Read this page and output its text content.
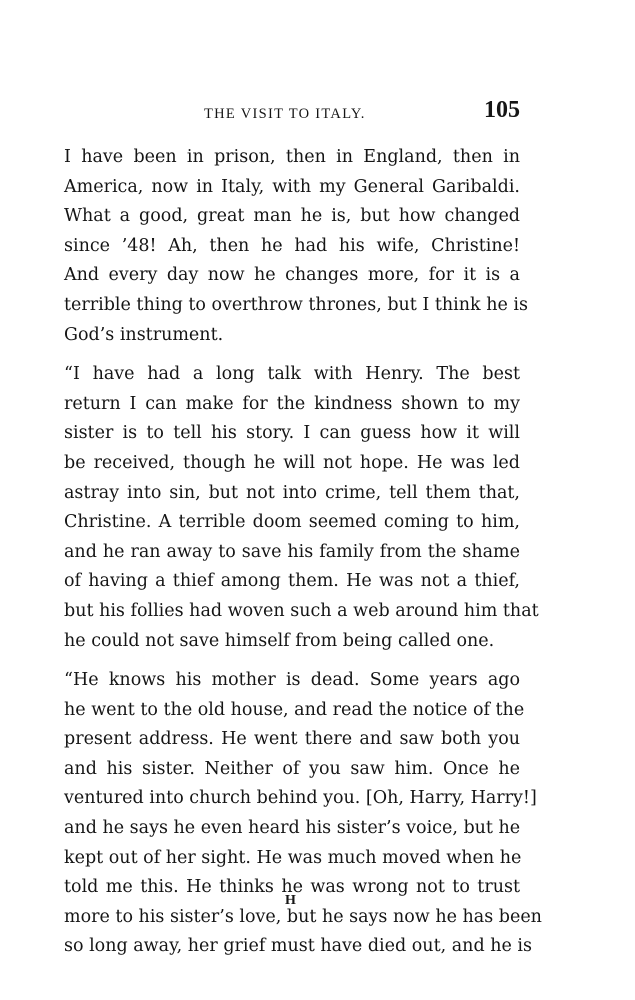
THE VISIT TO ITALY.	105
I have been in prison, then in England, then in
America, now in Italy, with my General Garibaldi.
What a good, great man he is, but how changed
since ’48! Ah, then he had his wife, Christine!
And every day now he changes more, for it is a
terrible thing to overthrow thrones, but I think he is
God’s instrument.
“I have had a long talk with Henry. The best
return I can make for the kindness shown to my
sister is to tell his story. I can guess how it will
be received, though he will not hope. He was led
astray into sin, but not into crime, tell them that,
Christine. A terrible doom seemed coming to him,
and he ran away to save his family from the shame
of having a thief among them. He was not a thief,
but his follies had woven such a web around him that
he could not save himself from being called one.
“He knows his mother is dead. Some years ago
he went to the old house, and read the notice of the
present address. He went there and saw both you
and his sister. Neither of you saw him. Once he
ventured into church behind you. [Oh, Harry, Harry!]
and he says he even heard his sister’s voice, but he
kept out of her sight. He was much moved when he
told me this. He thinks he was wrong not to trust
more to his sister’s love, but he says now he has been
so long away, her grief must have died out, and he is
H
